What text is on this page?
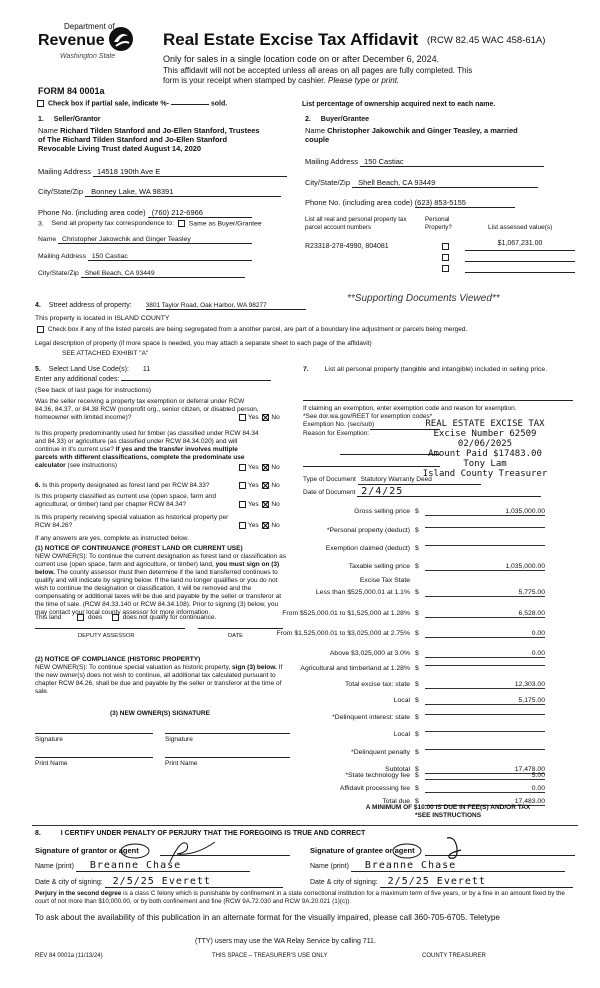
Department of
Revenue
Washington State
Real Estate Excise Tax Affidavit (RCW 82.45 WAC 458-61A)
Only for sales in a single location code on or after December 6, 2024.
This affidavit will not be accepted unless all areas on all pages are fully completed. This
form is your receipt when stamped by cashier. Please type or print.
FORM 84 0001a
Check box if partial sale, indicate %-	sold.	List percentage of ownership acquired next to each name.
1. Seller/Grantor
Name Richard Tilden Stanford and Jo-Ellen Stanford, Trustees
of The Richard Tilden Stanford and Jo-Ellen Stanford
Revocable Living Trust dated August 14, 2020
Mailing Address 14518 190th Ave E
City/State/Zip Bonney Lake, WA 98391
Phone No. (including area code) (760) 212-6966
3. Send all property tax correspondence to: Same as Buyer/Grantee
Name Christopher Jakowchik and Ginger Teasley
Mailing Address 150 Castiac
City/State/Zip Shell Beach, CA 93449
2. Buyer/Grantee
Name Christopher Jakowchik and Ginger Teasley, a married
couple
Mailing Address 150 Castiac
City/State/Zip Shell Beach, CA 93449
Phone No. (including area code) (623) 853-5155
List all real and personal property tax
parcel account numbers
Personal
Property?	List assessed value(s)
R23318-278-4990, 804081	$1,067,231.00
**Supporting Documents Viewed**
4. Street address of property: 3801 Taylor Road, Oak Harbor, WA 98277
This property is located in ISLAND COUNTY
Check box if any of the listed parcels are being segregated from a another parcel, are part of a boundary line adjustment or parcels being merged.
Legal description of property (if more space is needed, you may attach a separate sheet to each page of the affidavit)
SEE ATTACHED EXHIBIT "A"
5. Select Land Use Code(s): 11
Enter any additional codes:
(See back of last page for instructions)
Was the seller receiving a property tax exemption or deferral under RCW 84.36, 84.37, or 84.38 RCW (nonprofit org., senior citizen, or disabled person, homeowner with limited income)?	Yes No
Is this property predominantly used for timber (as classified under RCW 84.34 and 84.33) or agriculture (as classified under RCW 84.34.020) and will continue in it's current use? If yes and the transfer involves multiple parcels with different classifications, complete the predominate use calculator (see instructions)	Yes No
6. Is this property designated as forest land per RCW 84.33?	Yes No
Is this property classified as current use (open space, farm and agricultural, or timber) land per chapter RCW 84.34?	Yes No
Is this property receiving special valuation as historical property per RCW 84.26?	Yes No
If any answers are yes, complete as instructed below.
(1) NOTICE OF CONTINUANCE (FOREST LAND OR CURRENT USE)
NEW OWNER(S): To continue the current designation as forest land or classification as current use (open space, farm and agriculture, or timber) land, you must sign on (3) below. The county assessor must then determine if the land transferred continues to qualify and will indicate by signing below. If the land no longer qualifies or you do not wish to continue the designation or classification, it will be removed and the compensating or additional taxes will be due and payable by the seller or transferor at the time of sale. (RCW 84.33.140 or RCW 84.34.108). Prior to signing (3) below, you may contact your local county assessor for more information.
This land	does	does not qualify for continuance.
DEPUTY ASSESSOR	DATE
(2) NOTICE OF COMPLIANCE (HISTORIC PROPERTY)
NEW OWNER(S): To continue special valuation as historic property, sign (3) below. If the new owner(s) does not wish to continue, all additional tax calculated pursuant to chapter RCW 84.26, shall be due and payable by the seller or transferor at the time of sale.
(3) NEW OWNER(S) SIGNATURE
Signature	Signature
Print Name	Print Name
7. List all personal property (tangible and intangible) included in selling price.
If claiming an exemption, enter exemption code and reason for exemption.
*See dor.wa.gov/REET for exemption codes*
Exemption No. (sec/sub)
Reason for Exemption:
REAL ESTATE EXCISE TAX
Excise Number 62509
02/06/2025
Amount Paid $17483.00
Tony Lam
Island County Treasurer
Type of Document Statutory Warranty Deed
Date of Document 2/4/25
Gross selling price $	1,035,000.00
*Personal property (deduct) $
Exemption claimed (deduct) $
Taxable selling price $	1,035,000.00
Excise Tax State
Less than $525,000.01 at 1.1% $	5,775.00
From $525,000.01 to $1,525,000 at 1.28% $	6,528.00
From $1,525,000.01 to $3,025,000 at 2.75% $	0.00
Above $3,025,000 at 3.0% $	0.00
Agricultural and timberland at 1.28% $
Total excise tax: state $	12,303.00
Local $	5,175.00
*Delinquent interest: state $
Local $
*Delinquent penalty $
Subtotal $	17,478.00
*State technology fee $	5.00
Affidavit processing fee $	0.00
Total due $	17,483.00
A MINIMUM OF $10.00 IS DUE IN FEE(S) AND/OR TAX
*SEE INSTRUCTIONS
8.	I CERTIFY UNDER PENALTY OF PERJURY THAT THE FOREGOING IS TRUE AND CORRECT
Signature of grantor or agent	Signature of grantee or agent
Name (print) Breanne Chase	Name (print) Breanne Chase
Date & city of signing: 2/5/25 Everett	Date & city of signing: 2/5/25 Everett
Perjury in the second degree is a class C felony which is punishable by confinement in a state correctional institution for a maximum term of five years, or by a fine in an amount fixed by the court of not more than $10,000.00, or by both confinement and fine (RCW 9A.72.030 and RCW 9A.20.021 (1)(c)).
To ask about the availability of this publication in an alternate format for the visually impaired, please call 360-705-6705. Teletype
(TTY) users may use the WA Relay Service by calling 711.
REV 84 0001a (11/13/24)	THIS SPACE – TREASURER'S USE ONLY	COUNTY TREASURER
